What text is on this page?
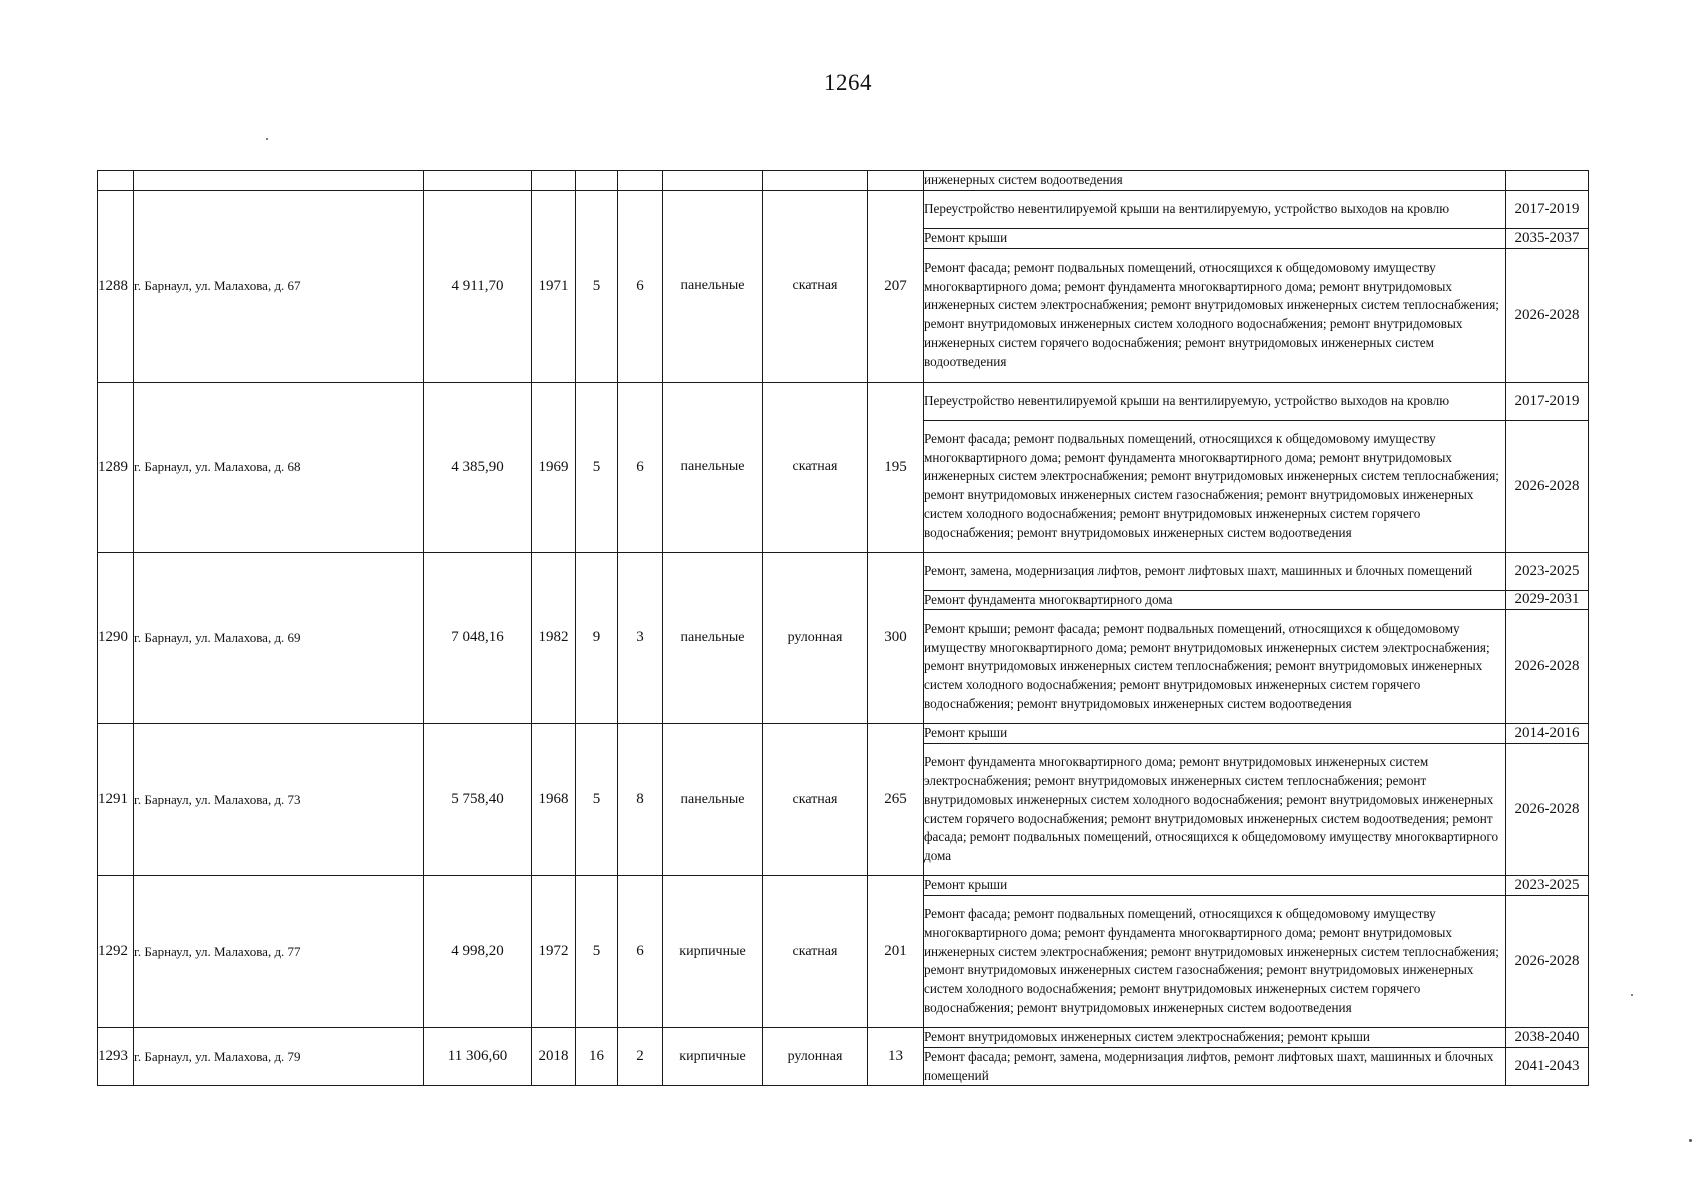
1264
									инженерных систем водоотведения	
1288	г. Барнаул, ул. Малахова, д. 67	4 911,70	1971	5	6	панельные	скатная	207	Переустройство невентилируемой крыши на вентилируемую, устройство выходов на кровлю	2017-2019
									Ремонт крыши	2035-2037
									Ремонт фасада; ремонт подвальных помещений, относящихся к общедомовому имуществу многоквартирного дома; ремонт фундамента многоквартирного дома; ремонт внутридомовых инженерных систем электроснабжения; ремонт внутридомовых инженерных систем теплоснабжения; ремонт внутридомовых инженерных систем холодного водоснабжения; ремонт внутридомовых инженерных систем горячего водоснабжения; ремонт внутридомовых инженерных систем водоотведения	2026-2028
1289	г. Барнаул, ул. Малахова, д. 68	4 385,90	1969	5	6	панельные	скатная	195	Переустройство невентилируемой крыши на вентилируемую, устройство выходов на кровлю	2017-2019
									Ремонт фасада; ремонт подвальных помещений, относящихся к общедомовому имуществу многоквартирного дома; ремонт фундамента многоквартирного дома; ремонт внутридомовых инженерных систем электроснабжения; ремонт внутридомовых инженерных систем теплоснабжения; ремонт внутридомовых инженерных систем газоснабжения; ремонт внутридомовых инженерных систем холодного водоснабжения; ремонт внутридомовых инженерных систем горячего водоснабжения; ремонт внутридомовых инженерных систем водоотведения	2026-2028
1290	г. Барнаул, ул. Малахова, д. 69	7 048,16	1982	9	3	панельные	рулонная	300	Ремонт, замена, модернизация лифтов, ремонт лифтовых шахт, машинных и блочных помещений	2023-2025
									Ремонт фундамента многоквартирного дома	2029-2031
									Ремонт крыши; ремонт фасада; ремонт подвальных помещений, относящихся к общедомовому имуществу многоквартирного дома; ремонт внутридомовых инженерных систем электроснабжения; ремонт внутридомовых инженерных систем теплоснабжения; ремонт внутридомовых инженерных систем холодного водоснабжения; ремонт внутридомовых инженерных систем горячего водоснабжения; ремонт внутридомовых инженерных систем водоотведения	2026-2028
1291	г. Барнаул, ул. Малахова, д. 73	5 758,40	1968	5	8	панельные	скатная	265	Ремонт крыши	2014-2016
									Ремонт фундамента многоквартирного дома; ремонт внутридомовых инженерных систем электроснабжения; ремонт внутридомовых инженерных систем теплоснабжения; ремонт внутридомовых инженерных систем холодного водоснабжения; ремонт внутридомовых инженерных систем горячего водоснабжения; ремонт внутридомовых инженерных систем водоотведения; ремонт фасада; ремонт подвальных помещений, относящихся к общедомовому имуществу многоквартирного дома	2026-2028
1292	г. Барнаул, ул. Малахова, д. 77	4 998,20	1972	5	6	кирпичные	скатная	201	Ремонт крыши	2023-2025
									Ремонт фасада; ремонт подвальных помещений, относящихся к общедомовому имуществу многоквартирного дома; ремонт фундамента многоквартирного дома; ремонт внутридомовых инженерных систем электроснабжения; ремонт внутридомовых инженерных систем теплоснабжения; ремонт внутридомовых инженерных систем газоснабжения; ремонт внутридомовых инженерных систем холодного водоснабжения; ремонт внутридомовых инженерных систем горячего водоснабжения; ремонт внутридомовых инженерных систем водоотведения	2026-2028
1293	г. Барнаул, ул. Малахова, д. 79	11 306,60	2018	16	2	кирпичные	рулонная	13	Ремонт внутридомовых инженерных систем электроснабжения; ремонт крыши	2038-2040
									Ремонт фасада; ремонт, замена, модернизация лифтов, ремонт лифтовых шахт, машинных и блочных помещений	2041-2043
